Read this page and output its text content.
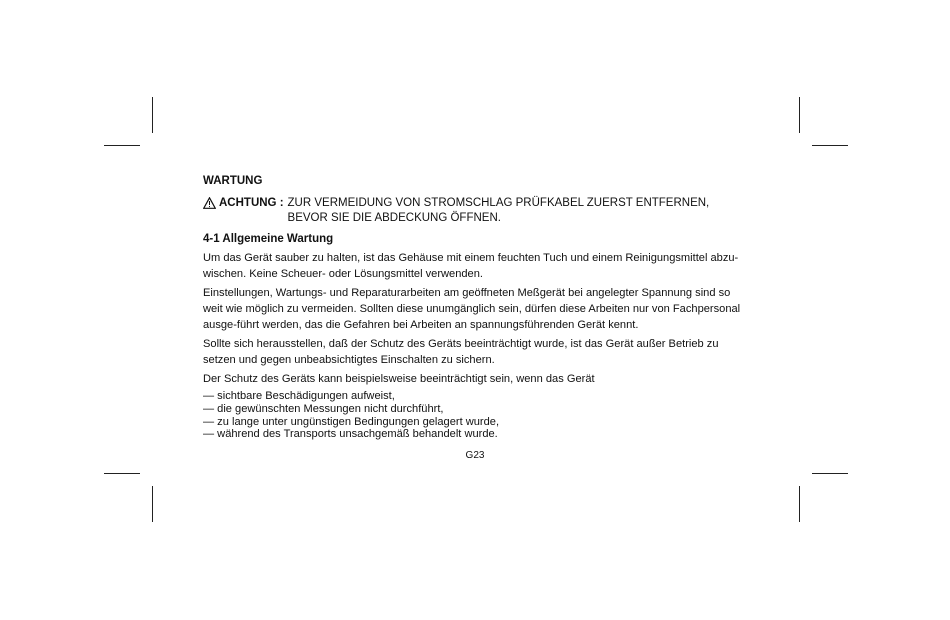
WARTUNG
ACHTUNG : ZUR VERMEIDUNG VON STROMSCHLAG PRÜFKABEL ZUERST ENTFERNEN, BEVOR SIE DIE ABDECKUNG ÖFFNEN.
4-1 Allgemeine Wartung

Um das Gerät sauber zu halten, ist das Gehäuse mit einem feuchten Tuch und einem Reinigungsmittel abzu-wischen. Keine Scheuer- oder Lösungsmittel verwenden.

Einstellungen, Wartungs- und Reparaturarbeiten am geöffneten Meßgerät bei angelegter Spannung sind so weit wie möglich zu vermeiden. Sollten diese unumgänglich sein, dürfen diese Arbeiten nur von Fachpersonal ausge-führt werden, das die Gefahren bei Arbeiten an spannungsführenden Gerät kennt.

Sollte sich herausstellen, daß der Schutz des Geräts beeinträchtigt wurde, ist das Gerät außer Betrieb zu setzen und gegen unbeabsichtigtes Einschalten zu sichern.

Der Schutz des Geräts kann beispielsweise beeinträchtigt sein, wenn das Gerät

— sichtbare Beschädigungen aufweist,
— die gewünschten Messungen nicht durchführt,
— zu lange unter ungünstigen Bedingungen gelagert wurde,
— während des Transports unsachgemäß behandelt wurde.
G23
